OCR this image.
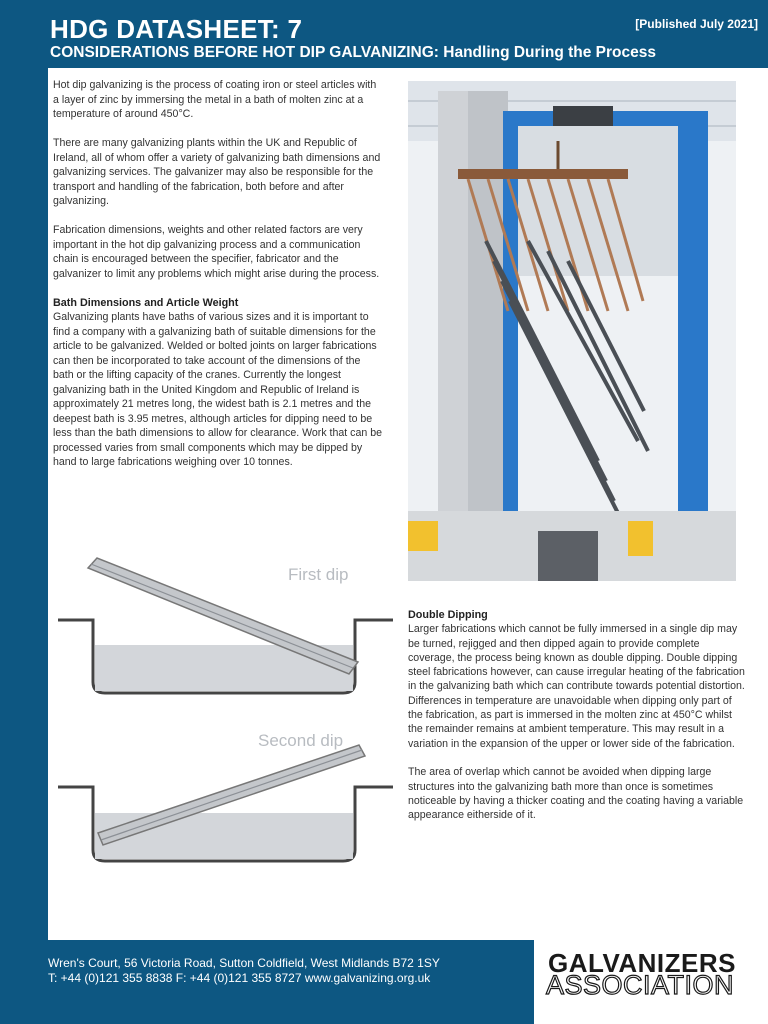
HDG DATASHEET: 7	[Published July 2021]
CONSIDERATIONS BEFORE HOT DIP GALVANIZING: Handling During the Process

Hot dip galvanizing is the process of coating iron or steel articles with a layer of zinc by immersing the metal in a bath of molten zinc at a temperature of around 450°C.

There are many galvanizing plants within the UK and Republic of Ireland, all of whom offer a variety of galvanizing bath dimensions and galvanizing services. The galvanizer may also be responsible for the transport and handling of the fabrication, both before and after galvanizing.

Fabrication dimensions, weights and other related factors are very important in the hot dip galvanizing process and a communication chain is encouraged between the specifier, fabricator and the galvanizer to limit any problems which might arise during the process.

Bath Dimensions and Article Weight

Galvanizing plants have baths of various sizes and it is important to find a company with a galvanizing bath of suitable dimensions for the article to be galvanized. Welded or bolted joints on larger fabrications can then be incorporated to take account of the dimensions of the bath or the lifting capacity of the cranes. Currently the longest galvanizing bath in the United Kingdom and Republic of Ireland is approximately 21 metres long, the widest bath is 2.1 metres and the deepest bath is 3.95 metres, although articles for dipping need to be less than the bath dimensions to allow for clearance. Work that can be processed varies from small components which may be dipped by hand to large fabrications weighing over 10 tonnes.

First dip
Second dip
Double Dipping

Larger fabrications which cannot be fully immersed in a single dip may be turned, rejigged and then dipped again to provide complete coverage, the process being known as double dipping. Double dipping steel fabrications however, can cause irregular heating of the fabrication in the galvanizing bath which can contribute towards potential distortion. Differences in temperature are unavoidable when dipping only part of the fabrication, as part is immersed in the molten zinc at 450°C whilst the remainder remains at ambient temperature. This may result in a variation in the expansion of the upper or lower side of the fabrication.

The area of overlap which cannot be avoided when dipping large structures into the galvanizing bath more than once is sometimes noticeable by having a thicker coating and the coating having a variable appearance eitherside of it.

Wren's Court, 56 Victoria Road, Sutton Coldfield, West Midlands B72 1SY
T: +44 (0)121 355 8838 F: +44 (0)121 355 8727 www.galvanizing.org.uk	GALVANIZERS
ASSOCIATION
